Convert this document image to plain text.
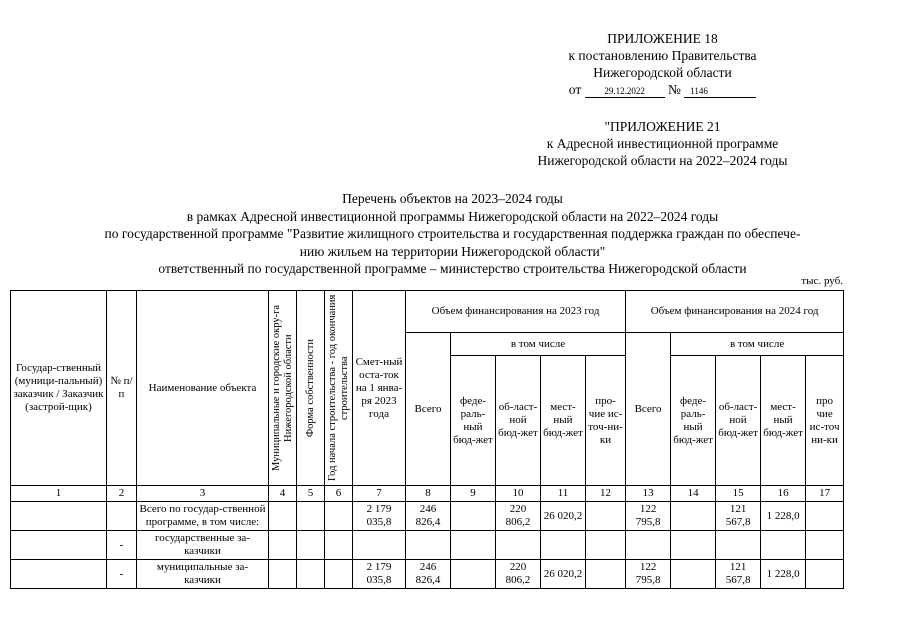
ПРИЛОЖЕНИЕ 18
к постановлению Правительства
Нижегородской области
от	29.12.2022 № 1146
"ПРИЛОЖЕНИЕ 21
к Адресной инвестиционной программе
Нижегородской области на 2022–2024 годы
Перечень объектов на 2023–2024 годы
в рамках Адресной инвестиционной программы Нижегородской области на 2022–2024 годы
по государственной программе "Развитие жилищного строительства и государственная поддержка граждан по обеспече-
нию жильем на территории Нижегородской области"
ответственный по государственной программе – министерство строительства Нижегородской области
тыс. руб.
Государ-ственный (муници-пальный) заказчик / Заказчик (застрой-щик)	№ п/п	Наименование объекта	Муниципальные и городские окру-га Нижегородской области	Форма собственности	Год начала строительства - год окончания строительства	Смет-ный оста-ток на 1 янва-ря 2023 года	Объем финансирования на 2023 год					Объем финансирования на 2024 год				
							Всего	в том числе				Всего	в том числе			
								феде-раль-ный бюд-жет	об-ласт-ной бюд-жет	мест-ный бюд-жет	про-чие ис-точ-ни-ки		феде-раль-ный бюд-жет	об-ласт-ной бюд-жет	мест-ный бюд-жет	про чие ис-точ ни-ки
1	2	3	4	5	6	7	8	9	10	11	12	13	14	15	16	17
		Всего по государ-ственной программе, в том числе:				2 179 035,8	246 826,4		220 806,2	26 020,2		122 795,8		121 567,8	1 228,0	
	-	государственные за-казчики														
	-	муниципальные за-казчики				2 179 035,8	246 826,4		220 806,2	26 020,2		122 795,8		121 567,8	1 228,0	
